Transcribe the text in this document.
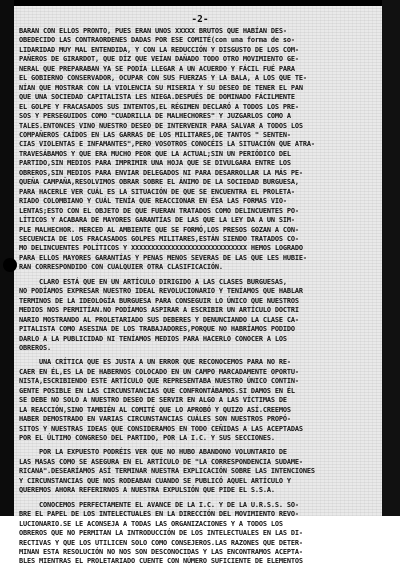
-2-
BARAN CON ELLOS PRONTO, PUES ERAN UNOS XXXXX BRUTOS QUE HABÍAN DES-
OBEDECIDO LAS CONTRAORDENES DADAS POR ESE COMITÉ(con una forma de so-
LIDARIDAD MUY MAL ENTENDIDA, Y CON LA REDUCCIÓN Y DISGUSTO DE LOS COM-
PAÑEROS DE GIRARDOT, QUE DÍZ QUE VEÍAN DAÑADO TODO OTRO MOVIMIENTO GE-
NERAL QUE PREPARABAN YA SE PODÍA LLEGAR A UN ACUERDO Y FÁCIL FUÉ PARA
EL GOBIERNO CONSERVADOR, OCUPAR CON SUS FUERZAS Y LA BALA, A LOS QUE TE-
NÍAN QUE MOSTRAR CON LA VIOLENCIA SU MISERIA Y SU DESEO DE TENER EL PAN
QUE UNA SOCIEDAD CAPITALISTA LES NIEGA.DESPUÉS DE DOMINADO FÁCILMENTE
EL GOLPE Y FRACASADOS SUS INTENTOS,EL RÉGIMEN DECLARÓ A TODOS LOS PRE-
SOS Y PERSEGUIDOS COMO "CUADRILLA DE MALHECHORES" Y JUZGARLOS COMO A
TALES.ENTONCES VINO NUESTRO DESEO DE INTERVENIR PARA SALVAR A TODOS LOS
COMPAÑEROS CAÍDOS EN LAS GARRAS DE LOS MILITARES,DE TANTOS " SENTEN-
CIAS VIOLENTAS E INFAMANTES",PERO VOSOTROS CONOCÉIS LA SITUACIÓN QUE ATRA-
TRAVESÁBAMOS Y QUE ERA MUCHO PEOR QUE LA ACTUAL;SIN UN PERIÓDICO DEL
PARTIDO,SIN MEDIOS PARA IMPRIMIR UNA HOJA QUE SE DIVULGARA ENTRE LOS
OBREROS,SIN MEDIOS PARA ENVIAR DELEGADOS NI PARA DESARROLLAR LA MÁS PE-
QUEÑA CAMPAÑA,RESOLVIMOS OBRAR SOBRE EL ÁNIMO DE LA SOCIEDAD BURGUESA,
PARA HACERLE VER CUÁL ES LA SITUACIÓN DE QUE SE ENCUENTRA EL PROLETA-
RIADO COLOMBIANO Y CUÁL TENÍA QUE REACCIONAR EN ÉSA LAS FORMAS VIO-
LENTAS;ESTO CON EL OBJETO DE QUE FUERAN TRATADOS COMO DELINCUENTES PO-
LÍTICOS Y ACABARA DE MAYORES GARANTÍAS DE LAS QUE LA LEY DA A UN SIM-
PLE MALHECHOR. MERCED AL AMBIENTE QUE SE FORMÓ,LOS PRESOS GOZAN A CON-
SECUENCIA DE LOS FRACASADOS GOLPES MILITARES,ESTÁN SIENDO TRATADOS CO-
MO DELINCUENTES POLÍTICOS Y XXXXXXXXXXXXXXXXXXXXXXXXXXXXX HEMOS LOGRADO
PARA ELLOS MAYORES GARANTÍAS Y PENAS MENOS SEVERAS DE LAS QUE LES HUBIE-
RAN CORRESPONDIDO CON CUALQUIER OTRA CLASIFICACIÓN.
CLARO ESTÁ QUE EN UN ARTÍCULO DIRIGIDO A LAS CLASES BURGUESAS,
NO PODÍAMOS EXPRESAR NUESTRO IDEAL REVOLUCIONARIO Y TENÍAMOS QUE HABLAR
TERMINOS DE LA IDEOLOGÍA BURGUESA PARA CONSEGUIR LO ÚNICO QUE NUESTROS
MEDIOS NOS PERMITÍAN.NO PODÍAMOS ASPIRAR A ESCRIBIR UN ARTÍCULO DOCTRI
NARIO MOSTRANDO AL PROLETARIADO SUS DEBERES Y DENUNCIANDO LA CLASE CA-
PITALISTA COMO ASESINA DE LOS TRABAJADORES,PORQUE NO HABRÍAMOS PODIDO
DARLO A LA PUBLICIDAD NI TENÍAMOS MEDIOS PARA HACERLO CONOCER A LOS
OBREROS.
UNA CRÍTICA QUE ES JUSTA A UN ERROR QUE RECONOCEMOS PARA NO RE-
CAER EN ÉL,ES LA DE HABERNOS COLOCADO EN UN CAMPO MARCADAMENTE OPORTU-
NISTA,ESCRIBIENDO ESTE ARTÍCULO QUE REPRESENTABA NUESTRO ÚNICO CONTIN-
GENTE POSIBLE EN LAS CIRCUNSTANCIAS QUE CONFRONTÁBAMOS.SI DAMOS EN ÉL
SE DEBE NO SOLO A NUESTRO DESEO DE SERVIR EN ALGO A LAS VÍCTIMAS DE
LA REACCIÓN,SINO TAMBIÉN AL COMITÉ QUE LO APROBÓ Y QUIZO ASÍ.CREEMOS
HABER DEMOSTRADO EN VARIAS CIRCUNSTANCIAS CUÁLES SON NUESTROS PROPÓ-
SITOS Y NUESTRAS IDEAS QUE CONSIDERAMOS EN TODO CEÑIDAS A LAS ACEPTADAS
POR EL ÚLTIMO CONGRESO DEL PARTIDO, POR LA I.C. Y SUS SECCIONES.
POR LA EXPUESTO PODRÉIS VER QUE NO HUBO ABANDONO VOLUNTARIO DE
LAS MASAS COMO SE ASEGURA EN EL ARTÍCULO DE "LA CORRESPONDENCIA SUDAME-
RICANA".DESEARÍAMOS ASÍ TERMINAR NUESTRA EXPLICACIÓN SOBRE LAS INTENCIONES
Y CIRCUNSTANCIAS QUE NOS RODEABAN CUANDO SE PUBLICÓ AQUEL ARTÍCULO Y
QUEREMOS AHORA REFERIRNOS A NUESTRA EXPULSIÓN QUE PIDE EL S.S.A.
CONOCEMOS PERFECTAMENTE EL AVANCE DE LA I.C. Y DE LA U.R.S.S. SO-
BRE EL PAPEL DE LOS INTELECTUALES EN LA DIRECCIÓN DEL MOVIMIENTO REVO-
LUCIONARIO.SE LE ACONSEJA A TODAS LAS ORGANIZACIONES Y A TODOS LOS
OBREROS QUE NO PERMITAN LA INTRODUCCIÓN DE LOS INTELECTUALES EN LAS DI-
RECTIVAS Y QUE LOS UTILICEN SOLO COMO CONSEJEROS.LAS RAZONES QUE DETER-
MINAN ESTA RESOLUCIÓN NO NOS SON DESCONOCIDAS Y LAS ENCONTRAMOS ACEPTA-
BLES MIENTRAS EL PROLETARIADO CUENTE CON NÚMERO SUFICIENTE DE ELEMENTOS
